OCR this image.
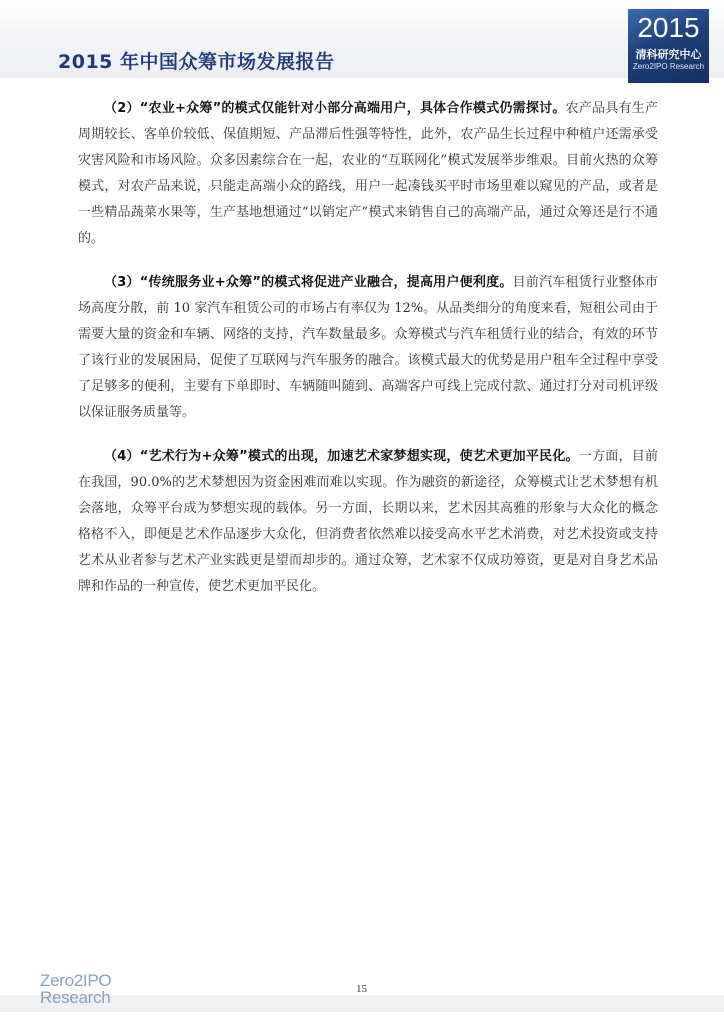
2015 年中国众筹市场发展报告
2015
清科研究中心
Zero2IPO Research

（2）“农业+众筹”的模式仅能针对小部分高端用户，具体合作模式仍需探讨。农产品具有生产周期较长、客单价较低、保值期短、产品滞后性强等特性，此外，农产品生长过程中种植户还需承受灾害风险和市场风险。众多因素综合在一起，农业的“互联网化”模式发展举步维艰。目前火热的众筹模式，对农产品来说，只能走高端小众的路线，用户一起凑钱买平时市场里难以窥见的产品，或者是一些精品蔬菜水果等，生产基地想通过“以销定产”模式来销售自己的高端产品，通过众筹还是行不通的。

（3）“传统服务业+众筹”的模式将促进产业融合，提高用户便利度。目前汽车租赁行业整体市场高度分散，前 10 家汽车租赁公司的市场占有率仅为 12%。从品类细分的角度来看，短租公司由于需要大量的资金和车辆、网络的支持，汽车数量最多。众筹模式与汽车租赁行业的结合，有效的环节了该行业的发展困局，促使了互联网与汽车服务的融合。该模式最大的优势是用户租车全过程中享受了足够多的便利，主要有下单即时、车辆随叫随到、高端客户可线上完成付款、通过打分对司机评级以保证服务质量等。

（4）“艺术行为+众筹”模式的出现，加速艺术家梦想实现，使艺术更加平民化。一方面，目前在我国，90.0%的艺术梦想因为资金困难而难以实现。作为融资的新途径，众筹模式让艺术梦想有机会落地，众筹平台成为梦想实现的载体。另一方面，长期以来，艺术因其高雅的形象与大众化的概念格格不入，即便是艺术作品逐步大众化，但消费者依然难以接受高水平艺术消费，对艺术投资或支持艺术从业者参与艺术产业实践更是望而却步的。通过众筹，艺术家不仅成功筹资，更是对自身艺术品牌和作品的一种宣传，使艺术更加平民化。

Zero2IPO
Research	15
